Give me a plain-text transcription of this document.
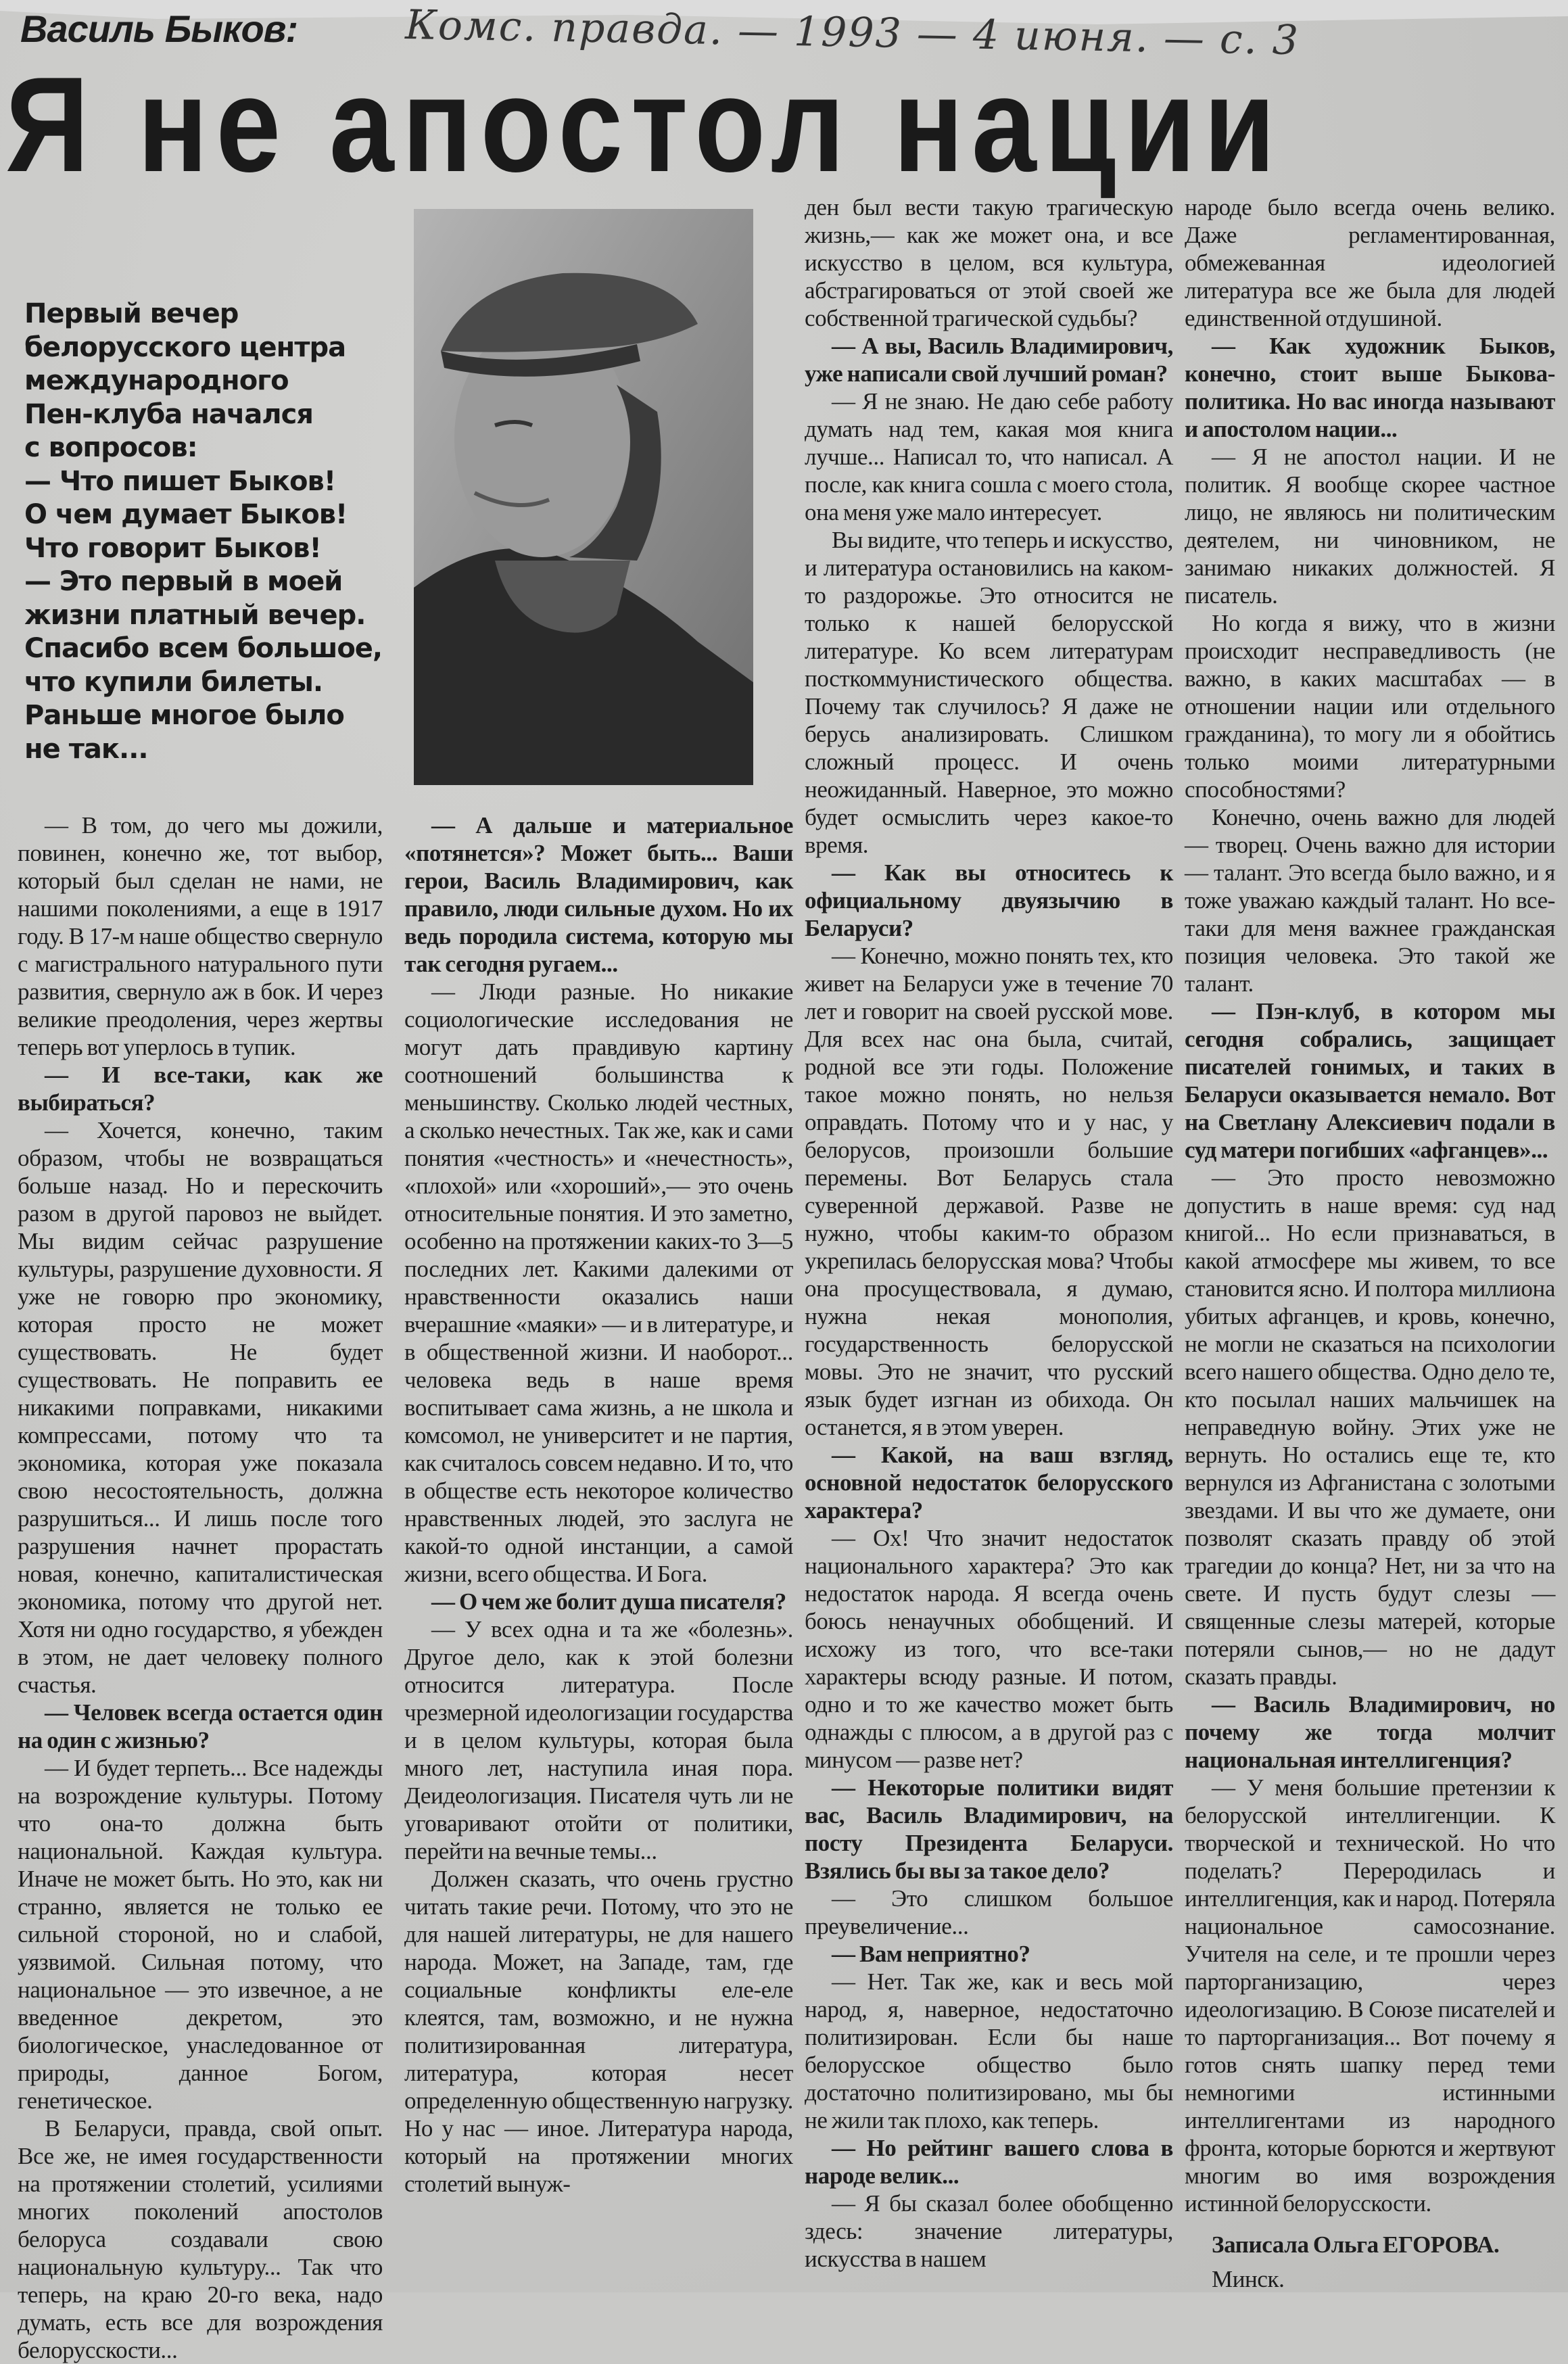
Василь Быков:	Комс. правда. — 1993 — 4 июня. — с. 3
Я не апостол нации
Первый вечер
белорусского центра
международного
Пен-клуба начался
с вопросов:
— Что пишет Быков!
О чем думает Быков!
Что говорит Быков!
— Это первый в моей
жизни платный вечер.
Спасибо всем большое,
что купили билеты.
Раньше многое было
не так...

— В том, до чего мы дожили, повинен, конечно же, тот выбор, который был сделан не нами, не нашими поколениями, а еще в 1917 году. В 17-м наше общество свернуло с магистрального натурального пути развития, свернуло аж в бок. И через великие преодоления, через жертвы теперь вот уперлось в тупик.

— И все-таки, как же выбираться?

— Хочется, конечно, таким образом, чтобы не возвращаться больше назад. Но и перескочить разом в другой паровоз не выйдет. Мы видим сейчас разрушение культуры, разрушение духовности. Я уже не говорю про экономику, которая просто не может существовать. Не будет существовать. Не поправить ее никакими поправками, никакими компрессами, потому что та экономика, которая уже показала свою несостоятельность, должна разрушиться... И лишь после того разрушения начнет прорастать новая, конечно, капиталистическая экономика, потому что другой нет. Хотя ни одно государство, я убежден в этом, не дает человеку полного счастья.

— Человек всегда остается один на один с жизнью?

— И будет терпеть... Все надежды на возрождение культуры. Потому что она-то должна быть национальной. Каждая культура. Иначе не может быть. Но это, как ни странно, является не только ее сильной стороной, но и слабой, уязвимой. Сильная потому, что национальное — это извечное, а не введенное декретом, это биологическое, унаследованное от природы, данное Богом, генетическое.

В Беларуси, правда, свой опыт. Все же, не имея государственности на протяжении столетий, усилиями многих поколений апостолов белоруса создавали свою национальную культуру... Так что теперь, на краю 20-го века, надо думать, есть все для возрождения белорусскости...

— А дальше и материальное «потянется»? Может быть... Ваши герои, Василь Владимирович, как правило, люди сильные духом. Но их ведь породила система, которую мы так сегодня ругаем...

— Люди разные. Но никакие социологические исследования не могут дать правдивую картину соотношений большинства к меньшинству. Сколько людей честных, а сколько нечестных. Так же, как и сами понятия «честность» и «нечестность», «плохой» или «хороший»,— это очень относительные понятия. И это заметно, особенно на протяжении каких-то 3—5 последних лет. Какими далекими от нравственности оказались наши вчерашние «маяки» — и в литературе, и в общественной жизни. И наоборот... человека ведь в наше время воспитывает сама жизнь, а не школа и комсомол, не университет и не партия, как считалось совсем недавно. И то, что в обществе есть некоторое количество нравственных людей, это заслуга не какой-то одной инстанции, а самой жизни, всего общества. И Бога.

— О чем же болит душа писателя?

— У всех одна и та же «болезнь». Другое дело, как к этой болезни относится литература. После чрезмерной идеологизации государства и в целом культуры, которая была много лет, наступила иная пора. Деидеологизация. Писателя чуть ли не уговаривают отойти от политики, перейти на вечные темы...

Должен сказать, что очень грустно читать такие речи. Потому, что это не для нашей литературы, не для нашего народа. Может, на Западе, там, где социальные конфликты еле-еле клеятся, там, возможно, и не нужна политизированная литература, литература, которая несет определенную общественную нагрузку. Но у нас — иное. Литература народа, который на протяжении многих столетий вынуж-

ден был вести такую трагическую жизнь,— как же может она, и все искусство в целом, вся культура, абстрагироваться от этой своей же собственной трагической судьбы?

— А вы, Василь Владимирович, уже написали свой лучший роман?

— Я не знаю. Не даю себе работу думать над тем, какая моя книга лучше... Написал то, что написал. А после, как книга сошла с моего стола, она меня уже мало интересует.

Вы видите, что теперь и искусство, и литература остановились на каком-то раздорожье. Это относится не только к нашей белорусской литературе. Ко всем литературам посткоммунистического общества. Почему так случилось? Я даже не берусь анализировать. Слишком сложный процесс. И очень неожиданный. Наверное, это можно будет осмыслить через какое-то время.

— Как вы относитесь к официальному двуязычию в Беларуси?

— Конечно, можно понять тех, кто живет на Беларуси уже в течение 70 лет и говорит на своей русской мове. Для всех нас она была, считай, родной все эти годы. Положение такое можно понять, но нельзя оправдать. Потому что и у нас, у белорусов, произошли большие перемены. Вот Беларусь стала суверенной державой. Разве не нужно, чтобы каким-то образом укрепилась белорусская мова? Чтобы она просуществовала, я думаю, нужна некая монополия, государственность белорусской мовы. Это не значит, что русский язык будет изгнан из обихода. Он останется, я в этом уверен.

— Какой, на ваш взгляд, основной недостаток белорусского характера?

— Ох! Что значит недостаток национального характера? Это как недостаток народа. Я всегда очень боюсь ненаучных обобщений. И исхожу из того, что все-таки характеры всюду разные. И потом, одно и то же качество может быть однажды с плюсом, а в другой раз с минусом — разве нет?

— Некоторые политики видят вас, Василь Владимирович, на посту Президента Беларуси. Взялись бы вы за такое дело?

— Это слишком большое преувеличение...

— Вам неприятно?

— Нет. Так же, как и весь мой народ, я, наверное, недостаточно политизирован. Если бы наше белорусское общество было достаточно политизировано, мы бы не жили так плохо, как теперь.

— Но рейтинг вашего слова в народе велик...

— Я бы сказал более обобщенно здесь: значение литературы, искусства в нашем

народе было всегда очень велико. Даже регламентированная, обмежеванная идеологией литература все же была для людей единственной отдушиной.

— Как художник Быков, конечно, стоит выше Быкова-политика. Но вас иногда называют и апостолом нации...

— Я не апостол нации. И не политик. Я вообще скорее частное лицо, не являюсь ни политическим деятелем, ни чиновником, не занимаю никаких должностей. Я писатель.

Но когда я вижу, что в жизни происходит несправедливость (не важно, в каких масштабах — в отношении нации или отдельного гражданина), то могу ли я обойтись только моими литературными способностями?

Конечно, очень важно для людей — творец. Очень важно для истории — талант. Это всегда было важно, и я тоже уважаю каждый талант. Но все-таки для меня важнее гражданская позиция человека. Это такой же талант.

— Пэн-клуб, в котором мы сегодня собрались, защищает писателей гонимых, и таких в Беларуси оказывается немало. Вот на Светлану Алексиевич подали в суд матери погибших «афганцев»...

— Это просто невозможно допустить в наше время: суд над книгой... Но если признаваться, в какой атмосфере мы живем, то все становится ясно. И полтора миллиона убитых афганцев, и кровь, конечно, не могли не сказаться на психологии всего нашего общества. Одно дело те, кто посылал наших мальчишек на неправедную войну. Этих уже не вернуть. Но остались еще те, кто вернулся из Афганистана с золотыми звездами. И вы что же думаете, они позволят сказать правду об этой трагедии до конца? Нет, ни за что на свете. И пусть будут слезы — священные слезы матерей, которые потеряли сынов,— но не дадут сказать правды.

— Василь Владимирович, но почему же тогда молчит национальная интеллигенция?

— У меня большие претензии к белорусской интеллигенции. К творческой и технической. Но что поделать? Переродилась и интеллигенция, как и народ. Потеряла национальное самосознание. Учителя на селе, и те прошли через парторганизацию, через идеологизацию. В Союзе писателей и то парторганизация... Вот почему я готов снять шапку перед теми немногими истинными интеллигентами из народного фронта, которые борются и жертвуют многим во имя возрождения истинной белорусскости.

Записала Ольга ЕГОРОВА.

Минск.
